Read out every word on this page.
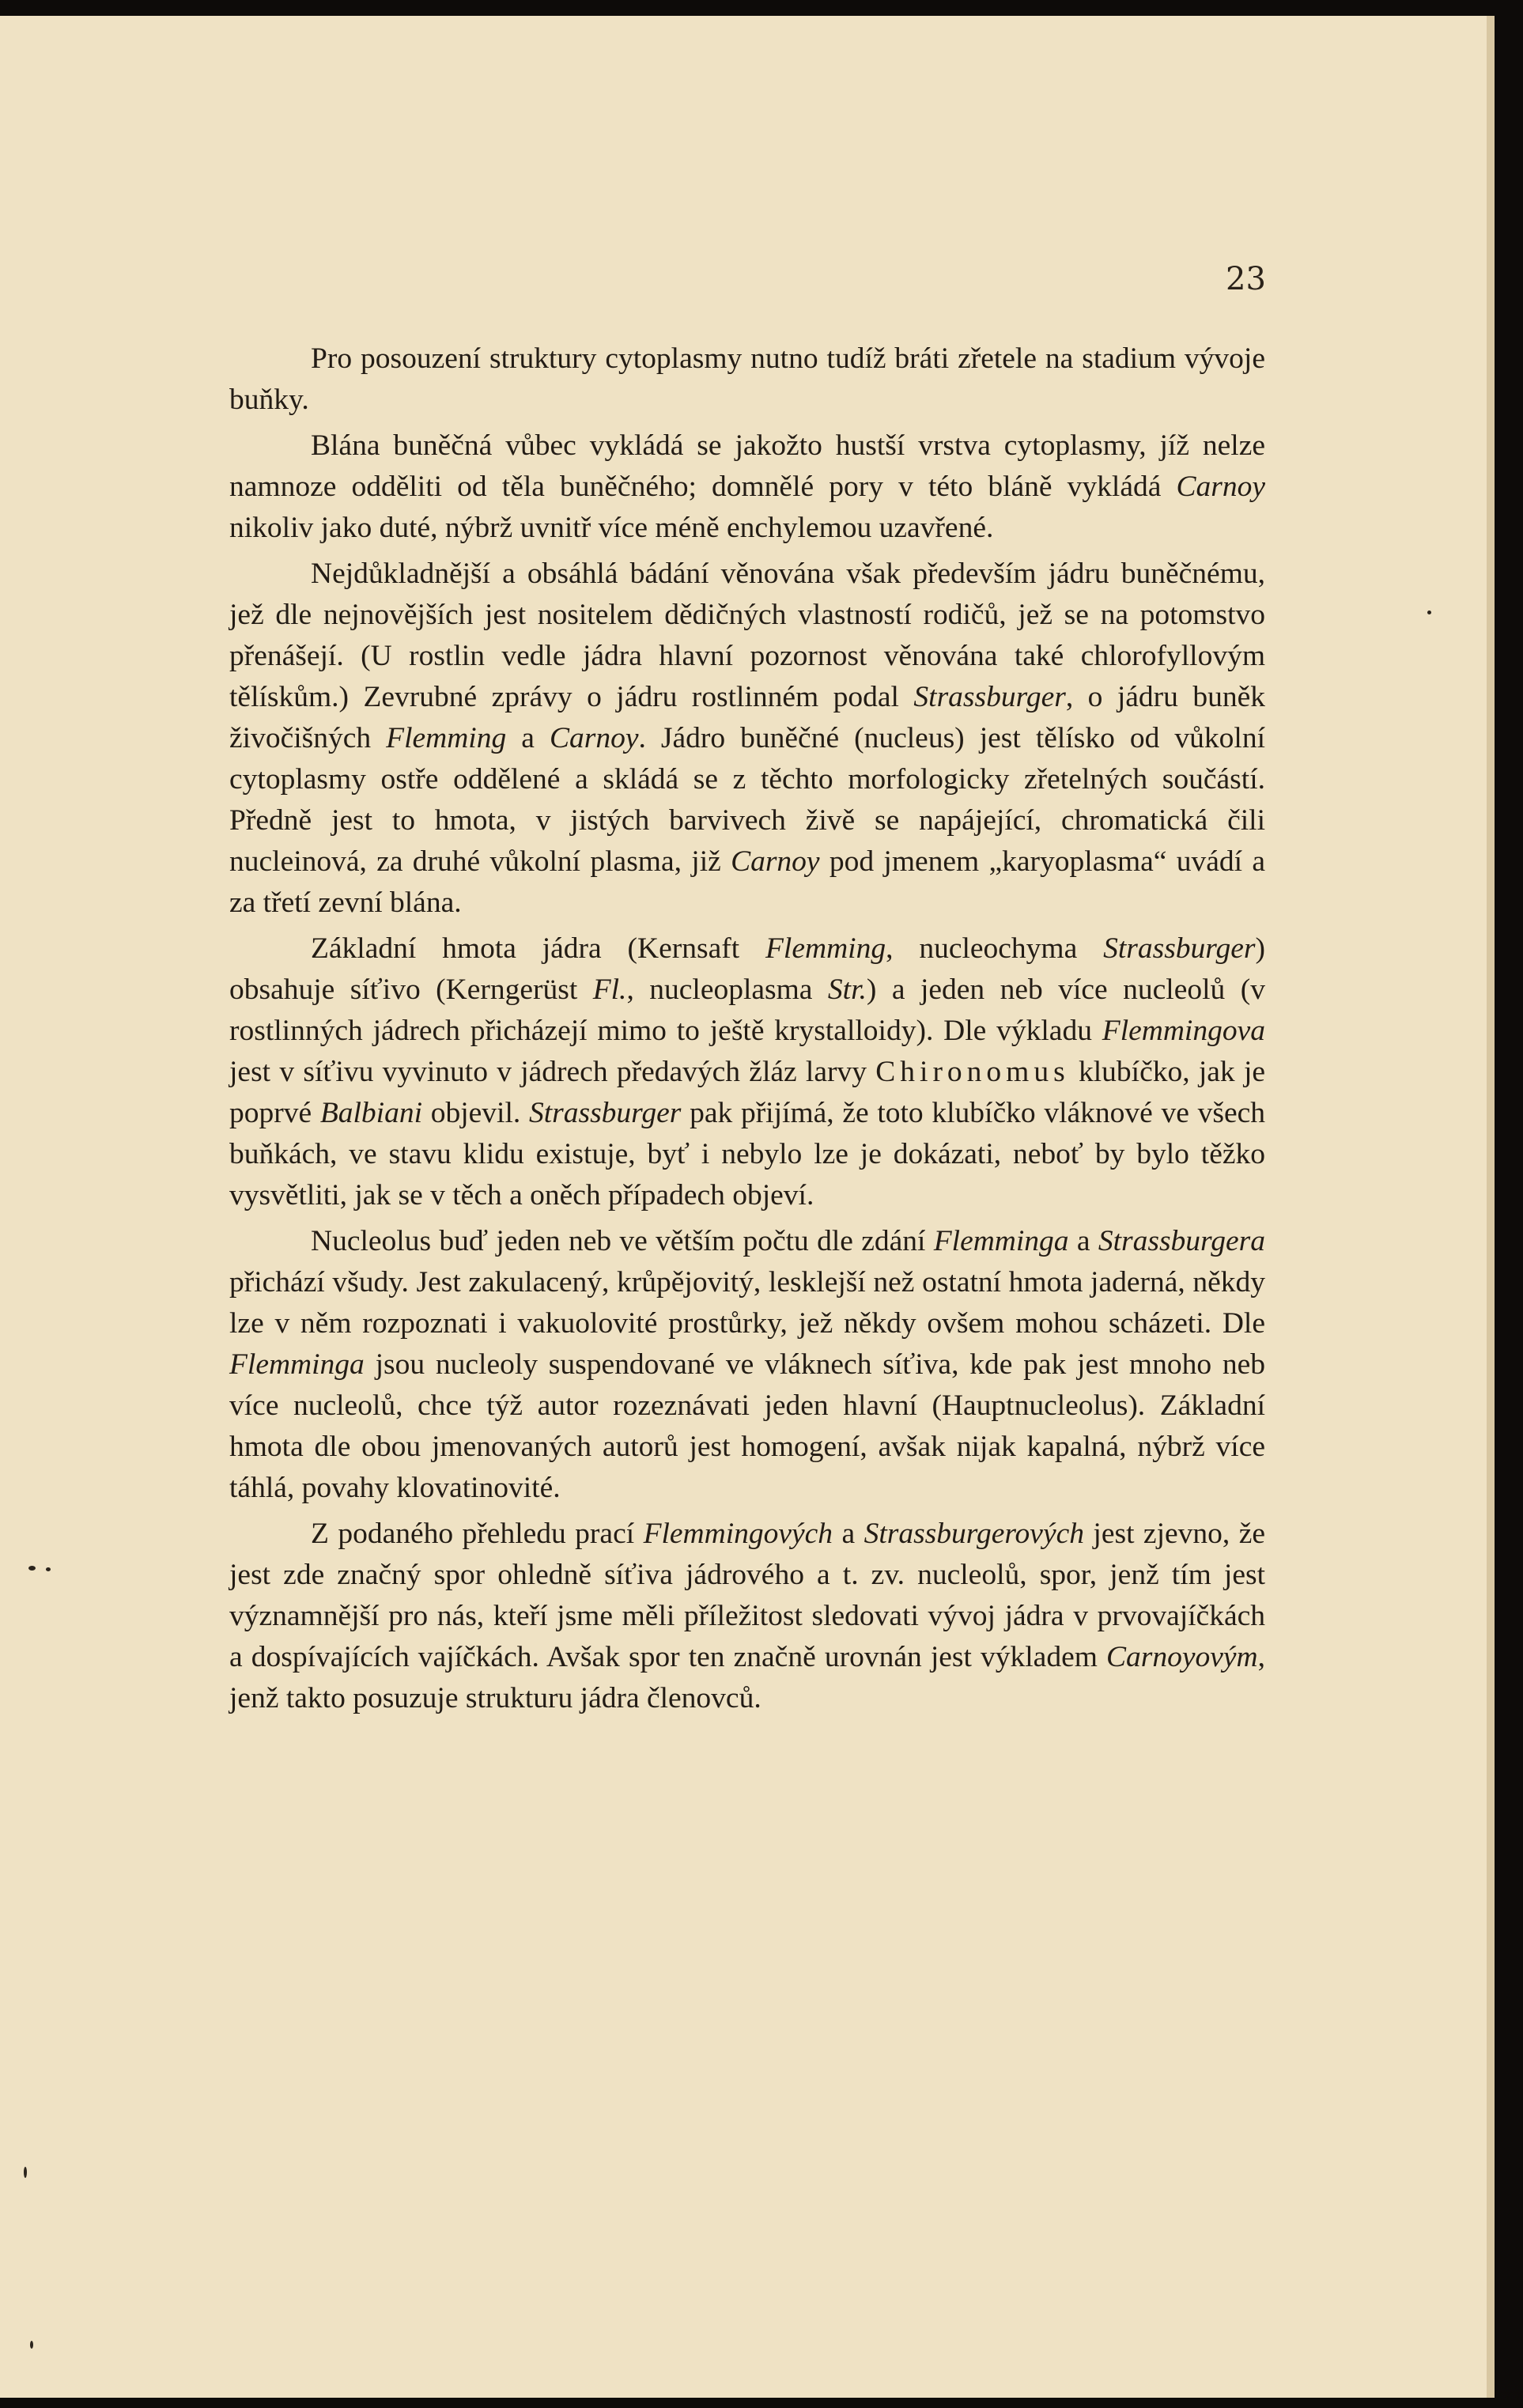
23

Pro posouzení struktury cytoplasmy nutno tudíž bráti zřetele na stadium vývoje buňky.

Blána buněčná vůbec vykládá se jakožto hustší vrstva cytoplasmy, jíž nelze namnoze odděliti od těla buněčného; domnělé pory v této bláně vykládá Carnoy nikoliv jako duté, nýbrž uvnitř více méně enchylemou uzavřené.

Nejdůkladnější a obsáhlá bádání věnována však především jádru buněčnému, jež dle nejnovějších jest nositelem dědičných vlastností rodičů, jež se na potomstvo přenášejí. (U rostlin vedle jádra hlavní pozornost věnována také chlorofyllovým tělískům.) Zevrubné zprávy o jádru rostlinném podal Strassburger, o jádru buněk živočišných Flemming a Carnoy. Jádro buněčné (nucleus) jest tělísko od vůkolní cytoplasmy ostře oddělené a skládá se z těchto morfologicky zřetelných součástí. Předně jest to hmota, v jistých barvivech živě se napájející, chromatická čili nucleinová, za druhé vůkolní plasma, již Carnoy pod jmenem „karyoplasma“ uvádí a za třetí zevní blána.

Základní hmota jádra (Kernsaft Flemming, nucleochyma Strassburger) obsahuje síťivo (Kerngerüst Fl., nucleoplasma Str.) a jeden neb více nucleolů (v rostlinných jádrech přicházejí mimo to ještě krystalloidy). Dle výkladu Flemmingova jest v síťivu vyvinuto v jádrech předavých žláz larvy Chironomus klubíčko, jak je poprvé Balbiani objevil. Strassburger pak přijímá, že toto klubíčko vláknové ve všech buňkách, ve stavu klidu existuje, byť i nebylo lze je dokázati, neboť by bylo těžko vysvětliti, jak se v těch a oněch případech objeví.

Nucleolus buď jeden neb ve větším počtu dle zdání Flemminga a Strassburgera přichází všudy. Jest zakulacený, krůpějovitý, lesklejší než ostatní hmota jaderná, někdy lze v něm rozpoznati i vakuolovité prostůrky, jež někdy ovšem mohou scházeti. Dle Flemminga jsou nucleoly suspendované ve vláknech síťiva, kde pak jest mnoho neb více nucleolů, chce týž autor rozeznávati jeden hlavní (Hauptnucleolus). Základní hmota dle obou jmenovaných autorů jest homogení, avšak nijak kapalná, nýbrž více táhlá, povahy klovatinovité.

Z podaného přehledu prací Flemmingových a Strassburgerových jest zjevno, že jest zde značný spor ohledně síťiva jádrového a t. zv. nucleolů, spor, jenž tím jest významnější pro nás, kteří jsme měli příležitost sledovati vývoj jádra v prvovajíčkách a dospívajících vajíčkách. Avšak spor ten značně urovnán jest výkladem Carnoyovým, jenž takto posuzuje strukturu jádra členovců.
